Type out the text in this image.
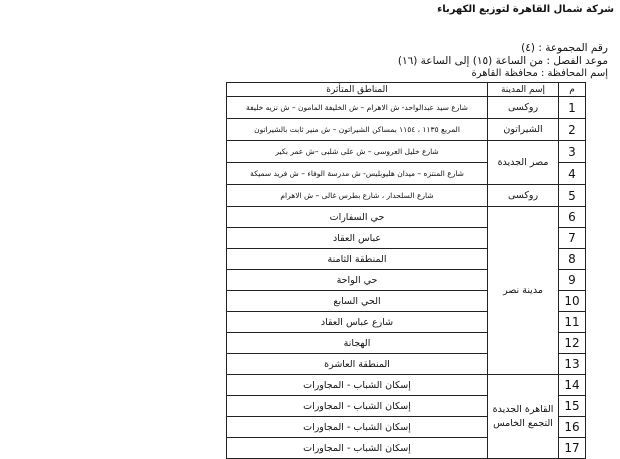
شركة شمال القاهرة لتوزيع الكهرباء
رقم المجموعة : (٤)
موعد الفصل : من الساعة (١٥) إلى الساعة (١٦)
إسم المحافظة : محافظة القاهرة
م	إسم المدينة	المناطق المتأثرة
1	روكسى	شارع سيد عبدالواحد- ش الاهرام – ش الخليفة المامون – ش نزيه خليفة
2	الشيراتون	المربع ١١٣٥ ، ١١٥٤ بمساكن الشيراتون – ش منير ثابت بالشيراتون
3	مصر الجديدة	شارع خليل العروسى – ش على شلبى –ش عمر بكير
4		شارع المنتزه – ميدان هليوبليس- ش مدرسة الوفاء – ش فريد سميكة
5	روكسى	شارع السلحدار ، شارع بطرس غالى – ش الاهرام
6	مدينة نصر	حي السفارات
7		عباس العقاد
8		المنطقة الثامنة
9		حي الواحة
10		الحي السابع
11		شارع عباس العقاد
12		الهجانة
13		المنطقة العاشرة
14	القاهرة الجديدة التجمع الخامس	إسكان الشباب - المجاورات
15		إسكان الشباب - المجاورات
16		إسكان الشباب - المجاورات
17		إسكان الشباب - المجاورات
